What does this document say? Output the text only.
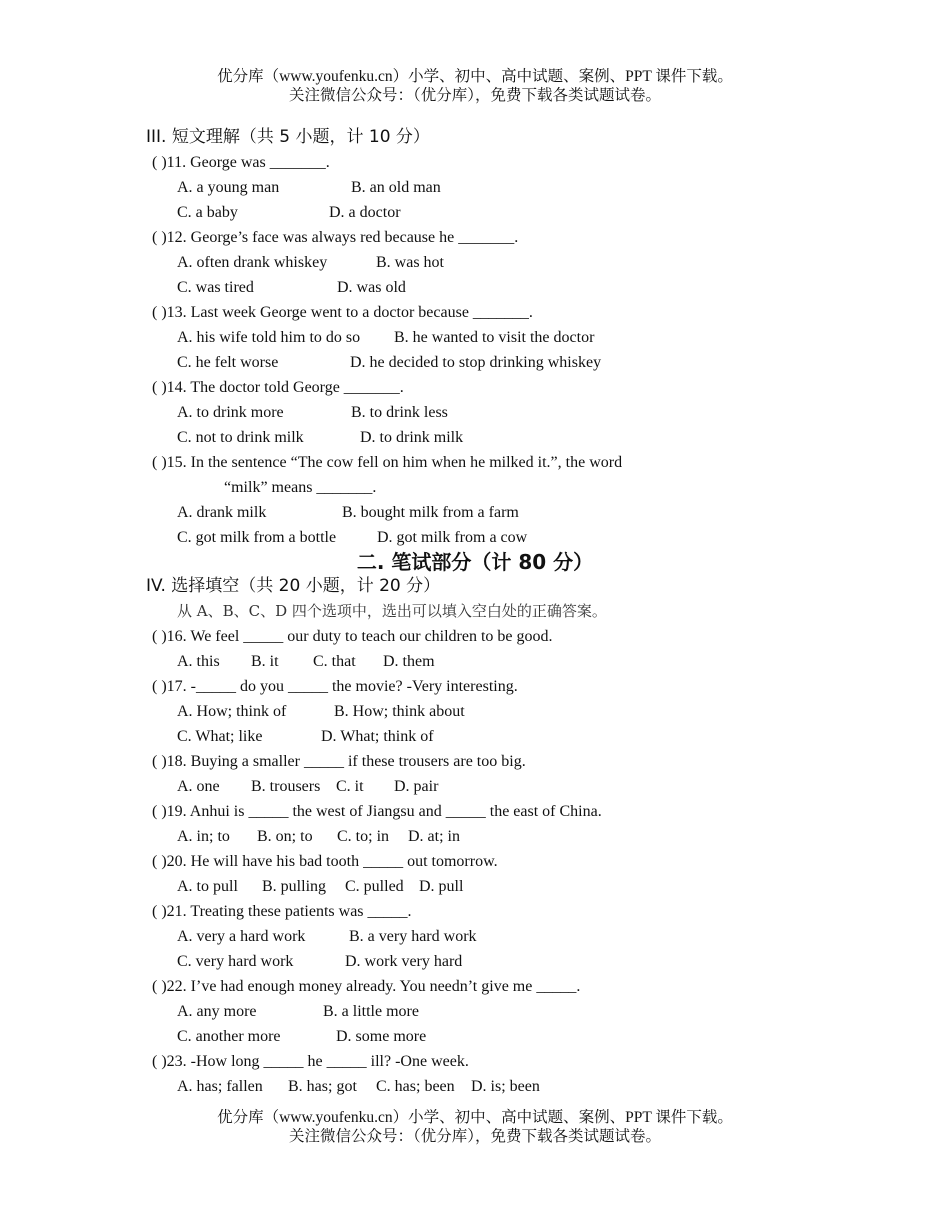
优分库（www.youfenku.cn）小学、初中、高中试题、案例、PPT 课件下载。
关注微信公众号：（优分库），免费下载各类试题试卷。
III. 短文理解（共 5 小题，计 10 分）
( )11. George was _______.
A. a young man	B. an old man
C. a baby	D. a doctor
( )12. George’s face was always red because he _______.
A. often drank whiskey	B. was hot
C. was tired	D. was old
( )13. Last week George went to a doctor because _______.
A. his wife told him to do so B. he wanted to visit the doctor
C. he felt worse	D. he decided to stop drinking whiskey
( )14. The doctor told George _______.
A. to drink more	B. to drink less
C. not to drink milk	D. to drink milk
( )15. In the sentence “The cow fell on him when he milked it.”, the word
“milk” means _______.
A. drank milk	B. bought milk from a farm
C. got milk from a bottle	D. got milk from a cow
二. 笔试部分（计 80 分）
IV. 选择填空（共 20 小题，计 20 分）
从 A、B、C、D 四个选项中，选出可以填入空白处的正确答案。
( )16. We feel _____ our duty to teach our children to be good.
A. this B. it C. that D. them
( )17. -_____ do you _____ the movie? -Very interesting.
A. How; think of	B. How; think about
C. What; like	D. What; think of
( )18. Buying a smaller _____ if these trousers are too big.
A. one B. trousers C. it D. pair
( )19. Anhui is _____ the west of Jiangsu and _____ the east of China.
A. in; to B. on; to C. to; in D. at; in
( )20. He will have his bad tooth _____ out tomorrow.
A. to pull B. pulling C. pulled D. pull
( )21. Treating these patients was _____.
A. very a hard work	B. a very hard work
C. very hard work	D. work very hard
( )22. I’ve had enough money already. You needn’t give me _____.
A. any more	B. a little more
C. another more	D. some more
( )23. -How long _____ he _____ ill? -One week.
A. has; fallen B. has; got C. has; been D. is; been
优分库（www.youfenku.cn）小学、初中、高中试题、案例、PPT 课件下载。
关注微信公众号：（优分库），免费下载各类试题试卷。
